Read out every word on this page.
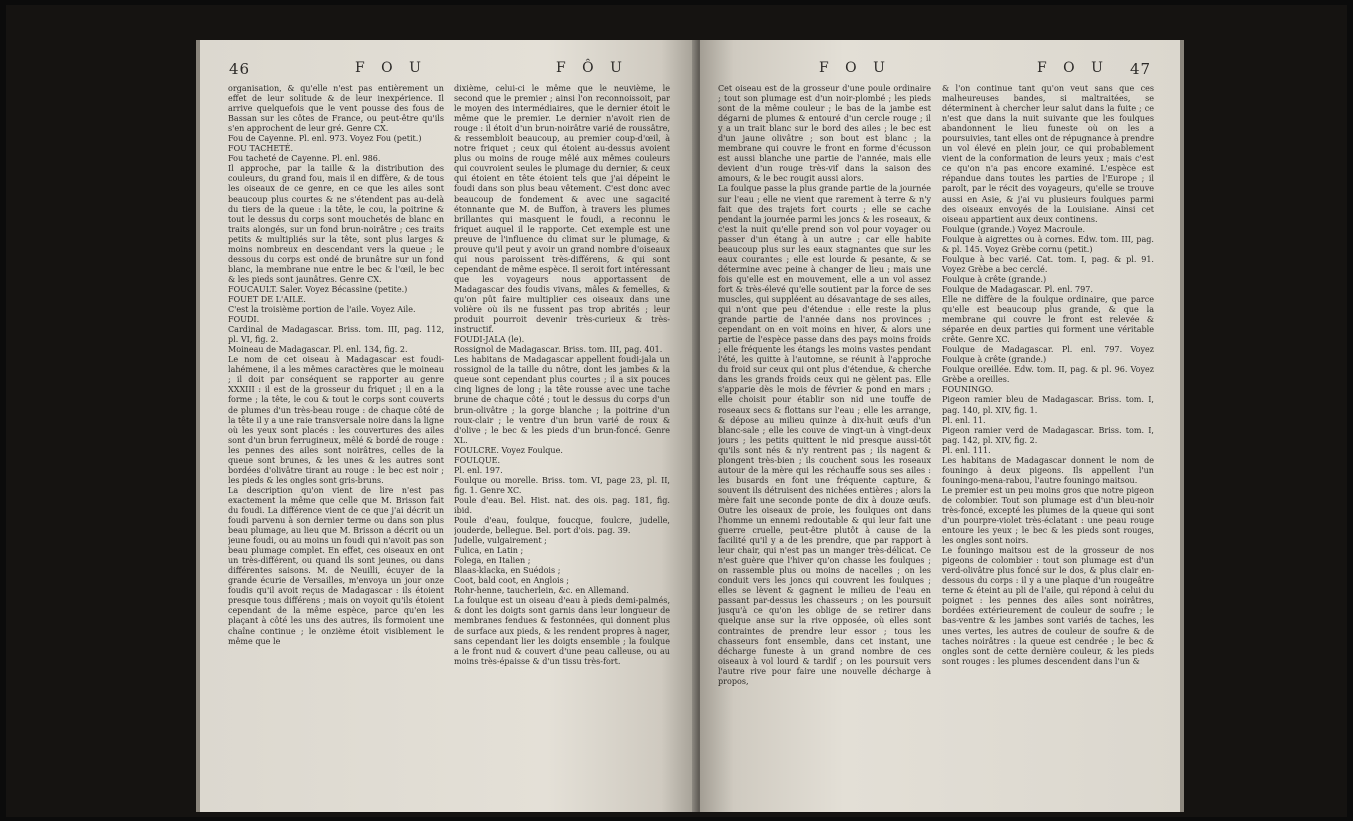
46	F O U	F Ô U
organisation, & qu'elle n'est pas entièrement un effet de leur solitude & de leur inexpérience. Il arrive quelquefois que le vent pousse des fous de Bassan sur les côtes de France, ou peut-être qu'ils s'en approchent de leur gré. Genre CX.
Fou de Cayenne. Pl. enl. 973. Voyez Fou (petit.)
FOU TACHETÉ.
Fou tacheté de Cayenne. Pl. enl. 986.
Il approche, par la taille & la distribution des couleurs, du grand fou, mais il en diffère, & de tous les oiseaux de ce genre, en ce que les ailes sont beaucoup plus courtes & ne s'étendent pas au-delà du tiers de la queue : la tête, le cou, la poitrine & tout le dessus du corps sont mouchetés de blanc en traits alongés, sur un fond brun-noirâtre ; ces traits petits & multipliés sur la tête, sont plus larges & moins nombreux en descendant vers la queue ; le dessous du corps est ondé de brunâtre sur un fond blanc, la membrane nue entre le bec & l'œil, le bec & les pieds sont jaunâtres. Genre CX.
FOUCAULT. Saler. Voyez Bécassine (petite.)
FOUET DE L'AILE.
C'est la troisième portion de l'aile. Voyez Aile.
FOUDI.
Cardinal de Madagascar. Briss. tom. III, pag. 112, pl. VI, fig. 2.
Moineau de Madagascar. Pl. enl. 134, fig. 2.
Le nom de cet oiseau à Madagascar est foudi-lahémene, il a les mêmes caractères que le moineau ; il doit par conséquent se rapporter au genre XXXIII : il est de la grosseur du friquet ; il en a la forme ; la tête, le cou & tout le corps sont couverts de plumes d'un très-beau rouge : de chaque côté de la tête il y a une raie transversale noire dans la ligne où les yeux sont placés : les couvertures des ailes sont d'un brun ferrugineux, mêlé & bordé de rouge : les pennes des ailes sont noirâtres, celles de la queue sont brunes, & les unes & les autres sont bordées d'olivâtre tirant au rouge : le bec est noir ; les pieds & les ongles sont gris-bruns.
La description qu'on vient de lire n'est pas exactement la même que celle que M. Brisson fait du foudi. La différence vient de ce que j'ai décrit un foudi parvenu à son dernier terme ou dans son plus beau plumage, au lieu que M. Brisson a décrit ou un jeune foudi, ou au moins un foudi qui n'avoit pas son beau plumage complet. En effet, ces oiseaux en ont un très-différent, ou quand ils sont jeunes, ou dans différentes saisons. M. de Neuilli, écuyer de la grande écurie de Versailles, m'envoya un jour onze foudis qu'il avoit reçus de Madagascar : ils étoient presque tous différens ; mais on voyoit qu'ils étoient cependant de la même espèce, parce qu'en les plaçant à côté les uns des autres, ils formoient une chaîne continue ; le onzième étoit visiblement le même que le
dixième, celui-ci le même que le neuvième, le second que le premier ; ainsi l'on reconnoissoit, par le moyen des intermédiaires, que le dernier étoit le même que le premier. Le dernier n'avoit rien de rouge : il étoit d'un brun-noirâtre varié de roussâtre, & ressembloit beaucoup, au premier coup-d'œil, à notre friquet ; ceux qui étoient au-dessus avoient plus ou moins de rouge mêlé aux mêmes couleurs qui couvroient seules le plumage du dernier, & ceux qui étoient en tête étoient tels que j'ai dépeint le foudi dans son plus beau vêtement. C'est donc avec beaucoup de fondement & avec une sagacité étonnante que M. de Buffon, à travers les plumes brillantes qui masquent le foudi, a reconnu le friquet auquel il le rapporte. Cet exemple est une preuve de l'influence du climat sur le plumage, & prouve qu'il peut y avoir un grand nombre d'oiseaux qui nous paroissent très-différens, & qui sont cependant de même espèce. Il seroit fort intéressant que les voyageurs nous apportassent de Madagascar des foudis vivans, mâles & femelles, & qu'on pût faire multiplier ces oiseaux dans une volière où ils ne fussent pas trop abrités ; leur produit pourroit devenir très-curieux & très-instructif.
FOUDI-JALA (le).
Rossignol de Madagascar. Briss. tom. III, pag. 401.
Les habitans de Madagascar appellent foudi-jala un rossignol de la taille du nôtre, dont les jambes & la queue sont cependant plus courtes ; il a six pouces cinq lignes de long ; la tête rousse avec une tache brune de chaque côté ; tout le dessus du corps d'un brun-olivâtre ; la gorge blanche ; la poitrine d'un roux-clair ; le ventre d'un brun varié de roux & d'olive ; le bec & les pieds d'un brun-foncé. Genre XL.
FOULCRE. Voyez Foulque.
FOULQUE.
Pl. enl. 197.
Foulque ou morelle. Briss. tom. VI, page 23, pl. II, fig. 1. Genre XC.
Poule d'eau. Bel. Hist. nat. des ois. pag. 181, fig. ibid.
Poule d'eau, foulque, foucque, foulcre, judelle, jouderde, bellegue. Bel. port d'ois. pag. 39.
Judelle, vulgairement ;
Fulica, en Latin ;
Folega, en Italien ;
Blaas-klacka, en Suédois ;
Coot, bald coot, en Anglois ;
Rohr-henne, taucherlein, &c. en Allemand.
La foulque est un oiseau d'eau à pieds demi-palmés, & dont les doigts sont garnis dans leur longueur de membranes fendues & festonnées, qui donnent plus de surface aux pieds, & les rendent propres à nager, sans cependant lier les doigts ensemble ; la foulque a le front nud & couvert d'une peau calleuse, ou au moins très-épaisse & d'un tissu très-fort.
F O U	F O U 47
Cet oiseau est de la grosseur d'une poule ordinaire ; tout son plumage est d'un noir-plombé ; les pieds sont de la même couleur ; le bas de la jambe est dégarni de plumes & entouré d'un cercle rouge ; il y a un trait blanc sur le bord des ailes ; le bec est d'un jaune olivâtre ; son bout est blanc ; la membrane qui couvre le front en forme d'écusson est aussi blanche une partie de l'année, mais elle devient d'un rouge très-vif dans la saison des amours, & le bec rougit aussi alors.
La foulque passe la plus grande partie de la journée sur l'eau ; elle ne vient que rarement à terre & n'y fait que des trajets fort courts ; elle se cache pendant la journée parmi les joncs & les roseaux, & c'est la nuit qu'elle prend son vol pour voyager ou passer d'un étang à un autre ; car elle habite beaucoup plus sur les eaux stagnantes que sur les eaux courantes ; elle est lourde & pesante, & se détermine avec peine à changer de lieu ; mais une fois qu'elle est en mouvement, elle a un vol assez fort & très-élevé qu'elle soutient par la force de ses muscles, qui suppléent au désavantage de ses ailes, qui n'ont que peu d'étendue : elle reste la plus grande partie de l'année dans nos provinces ; cependant on en voit moins en hiver, & alors une partie de l'espèce passe dans des pays moins froids ; elle fréquente les étangs les moins vastes pendant l'été, les quitte à l'automne, se réunit à l'approche du froid sur ceux qui ont plus d'étendue, & cherche dans les grands froids ceux qui ne gèlent pas. Elle s'apparie dès le mois de février & pond en mars ; elle choisit pour établir son nid une touffe de roseaux secs & flottans sur l'eau ; elle les arrange, & dépose au milieu quinze à dix-huit œufs d'un blanc-sale ; elle les couve de vingt-un à vingt-deux jours ; les petits quittent le nid presque aussi-tôt qu'ils sont nés & n'y rentrent pas ; ils nagent & plongent très-bien ; ils couchent sous les roseaux autour de la mère qui les réchauffe sous ses ailes : les busards en font une fréquente capture, & souvent ils détruisent des nichées entières ; alors la mère fait une seconde ponte de dix à douze œufs. Outre les oiseaux de proie, les foulques ont dans l'homme un ennemi redoutable & qui leur fait une guerre cruelle, peut-être plutôt à cause de la facilité qu'il y a de les prendre, que par rapport à leur chair, qui n'est pas un manger très-délicat. Ce n'est guère que l'hiver qu'on chasse les foulques ; on rassemble plus ou moins de nacelles ; on les conduit vers les joncs qui couvrent les foulques ; elles se lèvent & gagnent le milieu de l'eau en passant par-dessus les chasseurs ; on les poursuit jusqu'à ce qu'on les oblige de se retirer dans quelque anse sur la rive opposée, où elles sont contraintes de prendre leur essor ; tous les chasseurs font ensemble, dans cet instant, une décharge funeste à un grand nombre de ces oiseaux à vol lourd & tardif ; on les poursuit vers l'autre rive pour faire une nouvelle décharge à propos,
& l'on continue tant qu'on veut sans que ces malheureuses bandes, si maltraitées, se déterminent à chercher leur salut dans la fuite ; ce n'est que dans la nuit suivante que les foulques abandonnent le lieu funeste où on les a poursuivies, tant elles ont de répugnance à prendre un vol élevé en plein jour, ce qui probablement vient de la conformation de leurs yeux ; mais c'est ce qu'on n'a pas encore examiné. L'espèce est répandue dans toutes les parties de l'Europe ; il paroît, par le récit des voyageurs, qu'elle se trouve aussi en Asie, & j'ai vu plusieurs foulques parmi des oiseaux envoyés de la Louisiane. Ainsi cet oiseau appartient aux deux continens.
Foulque (grande.) Voyez Macroule.
Foulque à aigrettes ou à cornes. Edw. tom. III, pag. & pl. 145. Voyez Grèbe cornu (petit.)
Foulque à bec varié. Cat. tom. I, pag. & pl. 91. Voyez Grèbe a bec cerclé.
Foulque à crête (grande.)
Foulque de Madagascar. Pl. enl. 797.
Elle ne diffère de la foulque ordinaire, que parce qu'elle est beaucoup plus grande, & que la membrane qui couvre le front est relevée & séparée en deux parties qui forment une véritable crête. Genre XC.
Foulque de Madagascar. Pl. enl. 797. Voyez Foulque à crête (grande.)
Foulque oreillée. Edw. tom. II, pag. & pl. 96. Voyez Grèbe a oreilles.
FOUNINGO.
Pigeon ramier bleu de Madagascar. Briss. tom. I, pag. 140, pl. XIV, fig. 1.
Pl. enl. 11.
Pigeon ramier verd de Madagascar. Briss. tom. I, pag. 142, pl. XIV, fig. 2.
Pl. enl. 111.
Les habitans de Madagascar donnent le nom de founingo à deux pigeons. Ils appellent l'un founingo-mena-rabou, l'autre founingo maitsou.
Le premier est un peu moins gros que notre pigeon de colombier. Tout son plumage est d'un bleu-noir très-foncé, excepté les plumes de la queue qui sont d'un pourpre-violet très-éclatant : une peau rouge entoure les yeux ; le bec & les pieds sont rouges, les ongles sont noirs.
Le founingo maitsou est de la grosseur de nos pigeons de colombier : tout son plumage est d'un verd-olivâtre plus foncé sur le dos, & plus clair en-dessous du corps : il y a une plaque d'un rougeâtre terne & éteint au pli de l'aile, qui répond à celui du poignet : les pennes des ailes sont noirâtres, bordées extérieurement de couleur de soufre ; le bas-ventre & les jambes sont variés de taches, les unes vertes, les autres de couleur de soufre & de taches noirâtres : la queue est cendrée ; le bec & ongles sont de cette dernière couleur, & les pieds sont rouges : les plumes descendent dans l'un &
